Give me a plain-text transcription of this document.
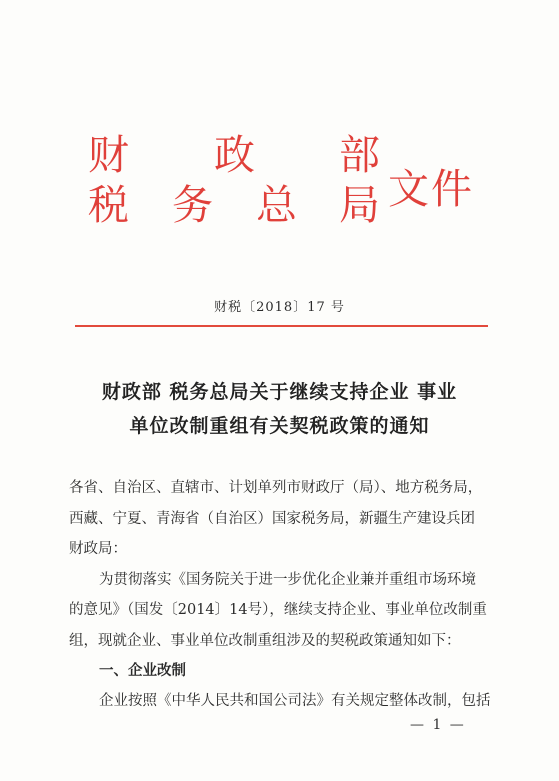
财 政 部
税 务 总 局 文件
财税〔2018〕17 号
财政部 税务总局关于继续支持企业 事业
单位改制重组有关契税政策的通知
各省、自治区、直辖市、计划单列市财政厅（局）、地方税务局，
西藏、宁夏、青海省（自治区）国家税务局，新疆生产建设兵团
财政局：
为贯彻落实《国务院关于进一步优化企业兼并重组市场环境
的意见》（国发〔2014〕14号），继续支持企业、事业单位改制重
组，现就企业、事业单位改制重组涉及的契税政策通知如下：
一、企业改制
企业按照《中华人民共和国公司法》有关规定整体改制，包括
— 1 —
